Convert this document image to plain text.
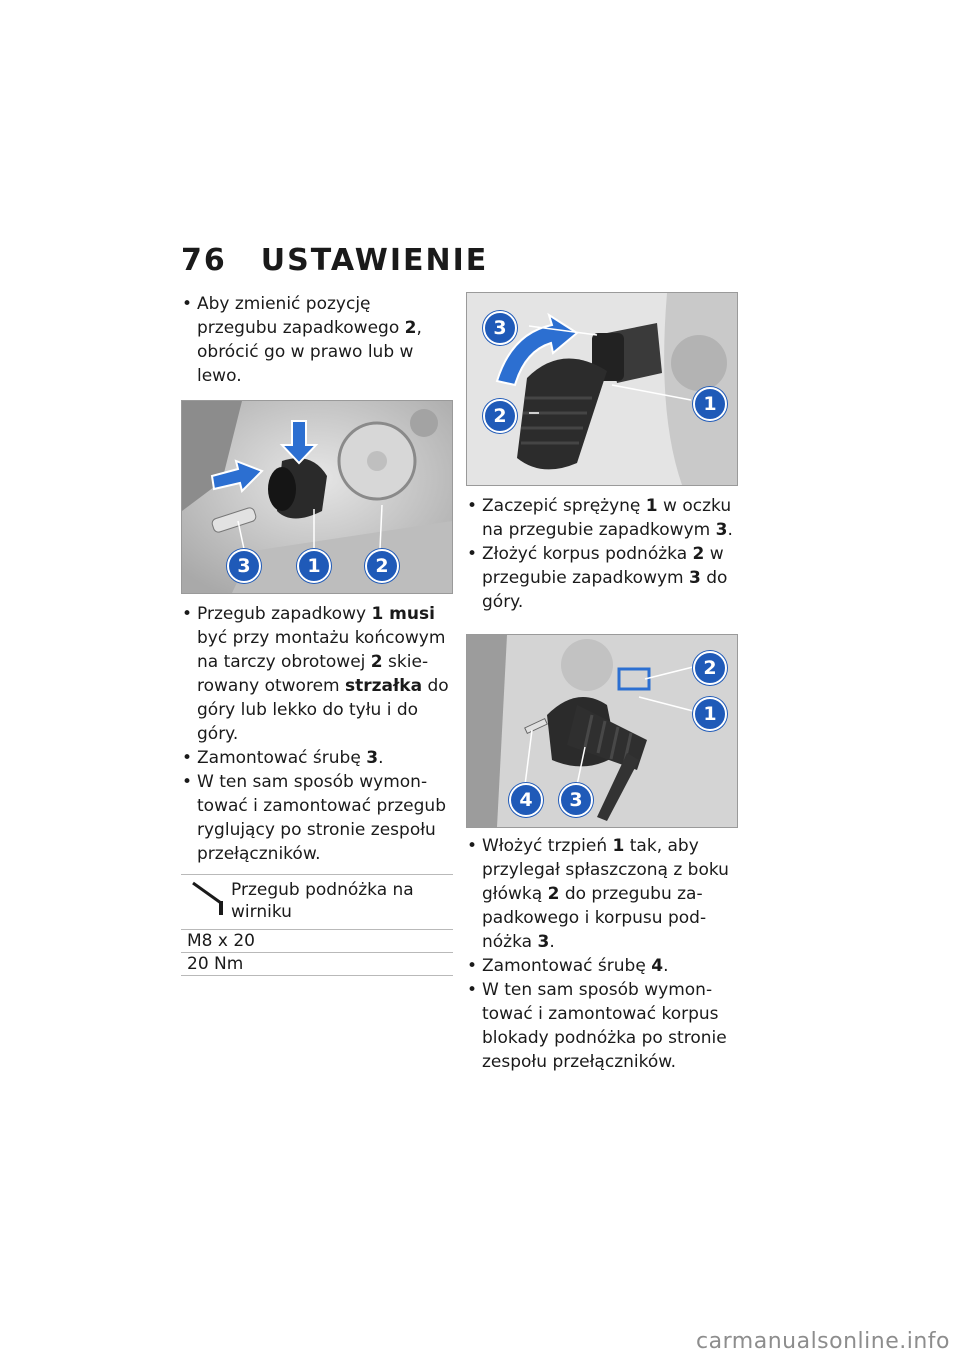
76 USTAWIENIE

• Aby zmienić pozycję przegubu zapadkowego 2, obrócić go w prawo lub w lewo.

3	1	2

• Przegub zapadkowy 1 musi być przy montażu końcowym na tarczy obrotowej 2 skierowany otworem strzałka do góry lub lekko do tyłu i do góry.

• Zamontować śrubę 3.

• W ten sam sposób wymontować i zamontować przegub ryglujący po stronie zespołu przełączników.

Przegub podnóżka na
wirniku
M8 x 20
20 Nm
3
2
1

• Zaczepić sprężynę 1 w oczku na przegubie zapadkowym 3.

• Złożyć korpus podnóżka 2 w przegubie zapadkowym 3 do góry.

2
1
4	3

• Włożyć trzpień 1 tak, aby przylegał spłaszczoną z boku główką 2 do przegubu zapadkowego i korpusu podnóżka 3.

• Zamontować śrubę 4.

• W ten sam sposób wymontować i zamontować korpus blokady podnóżka po stronie zespołu przełączników.

carmanualsonline.info
